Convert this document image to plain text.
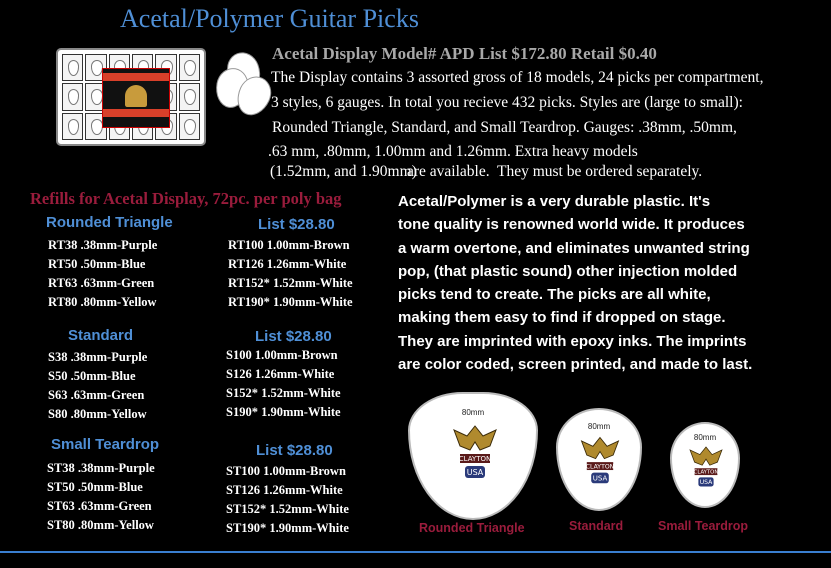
Acetal/Polymer Guitar Picks
Acetal Display Model# APD List $172.80 Retail $0.40
The Display contains 3 assorted gross of 18 models, 24 picks per compartment,
3 styles, 6 gauges. In total you recieve 432 picks. Styles are (large to small):
Rounded Triangle, Standard, and Small Teardrop. Gauges: .38mm, .50mm,
.63 mm, .80mm, 1.00mm and 1.26mm. Extra heavy models
(1.52mm, and 1.90mm)
are available. They must be ordered separately.
Refills for Acetal Display, 72pc. per poly bag
Rounded Triangle	List $28.80
RT38 .38mm-Purple
RT50 .50mm-Blue
RT63 .63mm-Green
RT80 .80mm-Yellow
RT100 1.00mm-Brown
RT126 1.26mm-White
RT152* 1.52mm-White
RT190* 1.90mm-White
Standard	List $28.80
S38 .38mm-Purple
S50 .50mm-Blue
S63 .63mm-Green
S80 .80mm-Yellow
S100 1.00mm-Brown
S126 1.26mm-White
S152* 1.52mm-White
S190* 1.90mm-White
Small Teardrop	List $28.80
ST38 .38mm-Purple
ST50 .50mm-Blue
ST63 .63mm-Green
ST80 .80mm-Yellow
ST100 1.00mm-Brown
ST126 1.26mm-White
ST152* 1.52mm-White
ST190* 1.90mm-White
Acetal/Polymer is a very durable plastic. It's
tone quality is renowned world wide. It produces
a warm overtone, and eliminates unwanted string
pop, (that plastic sound) other injection molded
picks tend to create. The picks are all white,
making them easy to find if dropped on stage.
They are imprinted with epoxy inks. The imprints
are color coded, screen printed, and made to last.
80mm
CLAYTON
USA
Rounded Triangle
80mm
CLAYTON
USA
Standard
80mm
CLAYTON
USA
Small Teardrop
